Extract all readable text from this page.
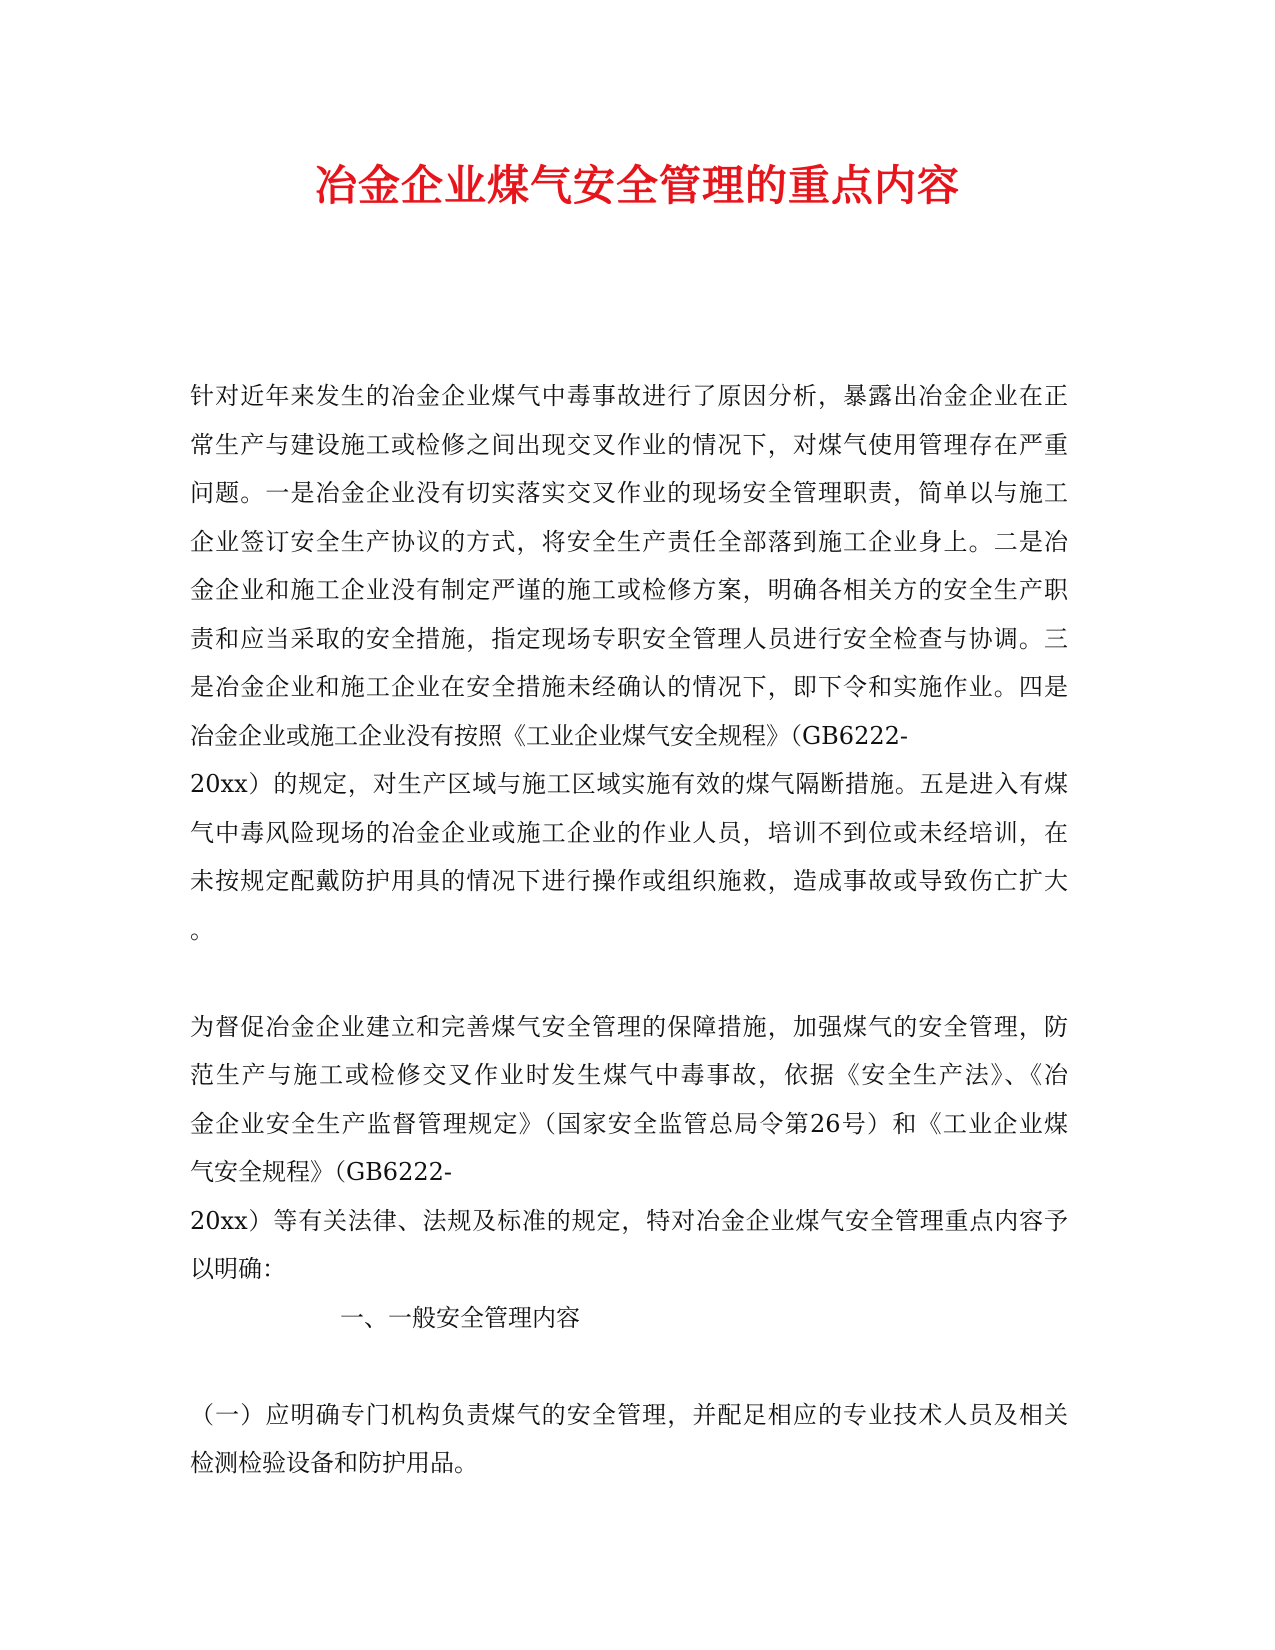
冶金企业煤气安全管理的重点内容
针对近年来发生的冶金企业煤气中毒事故进行了原因分析，暴露出冶金企业在正
常生产与建设施工或检修之间出现交叉作业的情况下，对煤气使用管理存在严重
问题。一是冶金企业没有切实落实交叉作业的现场安全管理职责，简单以与施工
企业签订安全生产协议的方式，将安全生产责任全部落到施工企业身上。二是冶
金企业和施工企业没有制定严谨的施工或检修方案，明确各相关方的安全生产职
责和应当采取的安全措施，指定现场专职安全管理人员进行安全检查与协调。三
是冶金企业和施工企业在安全措施未经确认的情况下，即下令和实施作业。四是
冶金企业或施工企业没有按照《工业企业煤气安全规程》（GB6222-
20xx）的规定，对生产区域与施工区域实施有效的煤气隔断措施。五是进入有煤
气中毒风险现场的冶金企业或施工企业的作业人员，培训不到位或未经培训，在
未按规定配戴防护用具的情况下进行操作或组织施救，造成事故或导致伤亡扩大
。
为督促冶金企业建立和完善煤气安全管理的保障措施，加强煤气的安全管理，防
范生产与施工或检修交叉作业时发生煤气中毒事故，依据《安全生产法》、《冶
金企业安全生产监督管理规定》（国家安全监管总局令第26号）和《工业企业煤
气安全规程》（GB6222-
20xx）等有关法律、法规及标准的规定，特对冶金企业煤气安全管理重点内容予
以明确：
一、一般安全管理内容
（一）应明确专门机构负责煤气的安全管理，并配足相应的专业技术人员及相关
检测检验设备和防护用品。
